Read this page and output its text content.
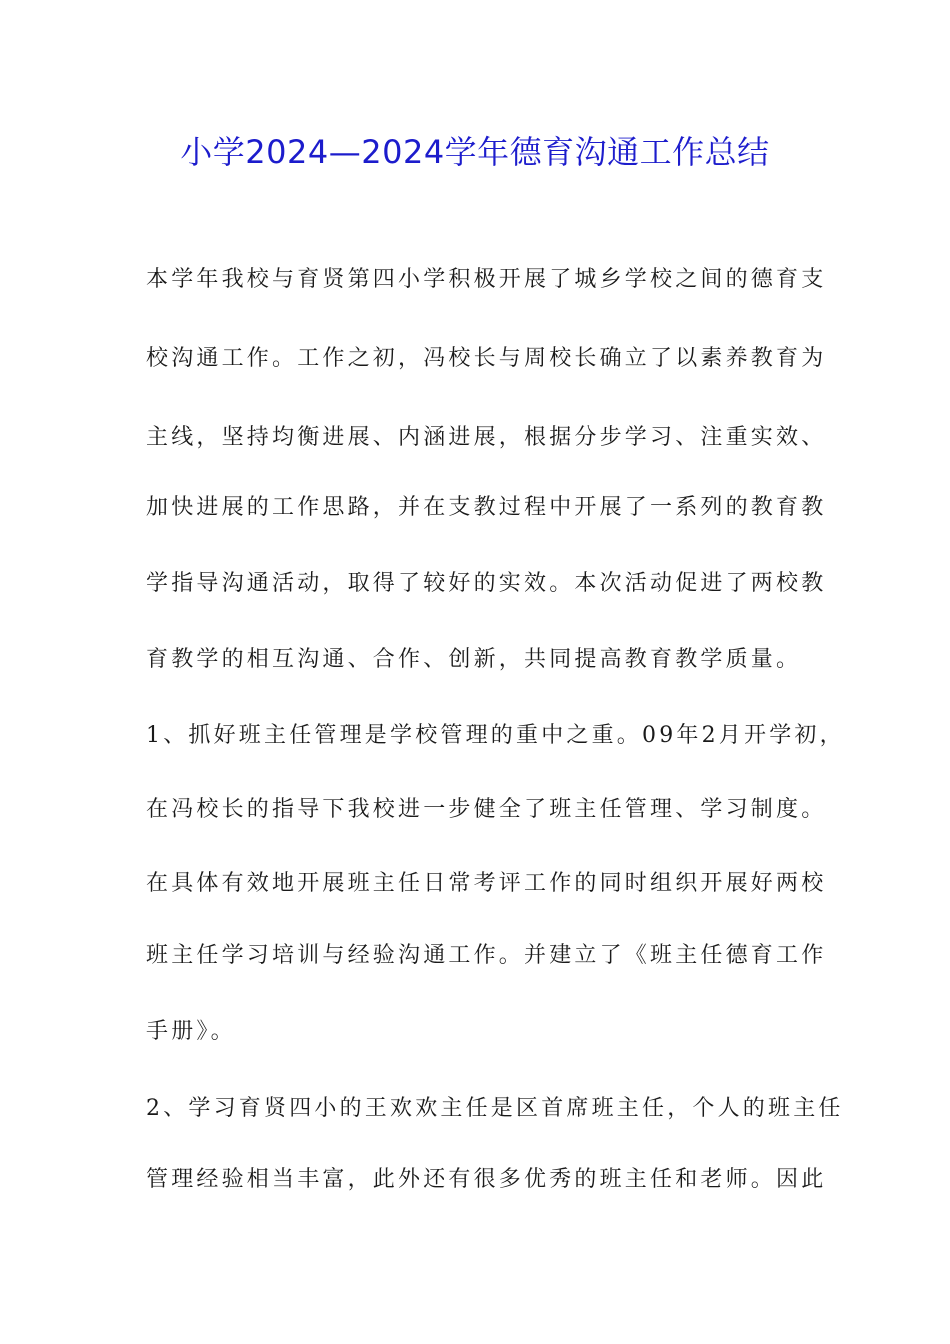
小学2024—2024学年德育沟通工作总结
本学年我校与育贤第四小学积极开展了城乡学校之间的德育支
校沟通工作。工作之初，冯校长与周校长确立了以素养教育为
主线，坚持均衡进展、内涵进展，根据分步学习、注重实效、
加快进展的工作思路，并在支教过程中开展了一系列的教育教
学指导沟通活动，取得了较好的实效。本次活动促进了两校教
育教学的相互沟通、合作、创新，共同提高教育教学质量。
1、抓好班主任管理是学校管理的重中之重。09年2月开学初，
在冯校长的指导下我校进一步健全了班主任管理、学习制度。
在具体有效地开展班主任日常考评工作的同时组织开展好两校
班主任学习培训与经验沟通工作。并建立了《班主任德育工作
手册》。
2、学习育贤四小的王欢欢主任是区首席班主任，个人的班主任
管理经验相当丰富，此外还有很多优秀的班主任和老师。因此
